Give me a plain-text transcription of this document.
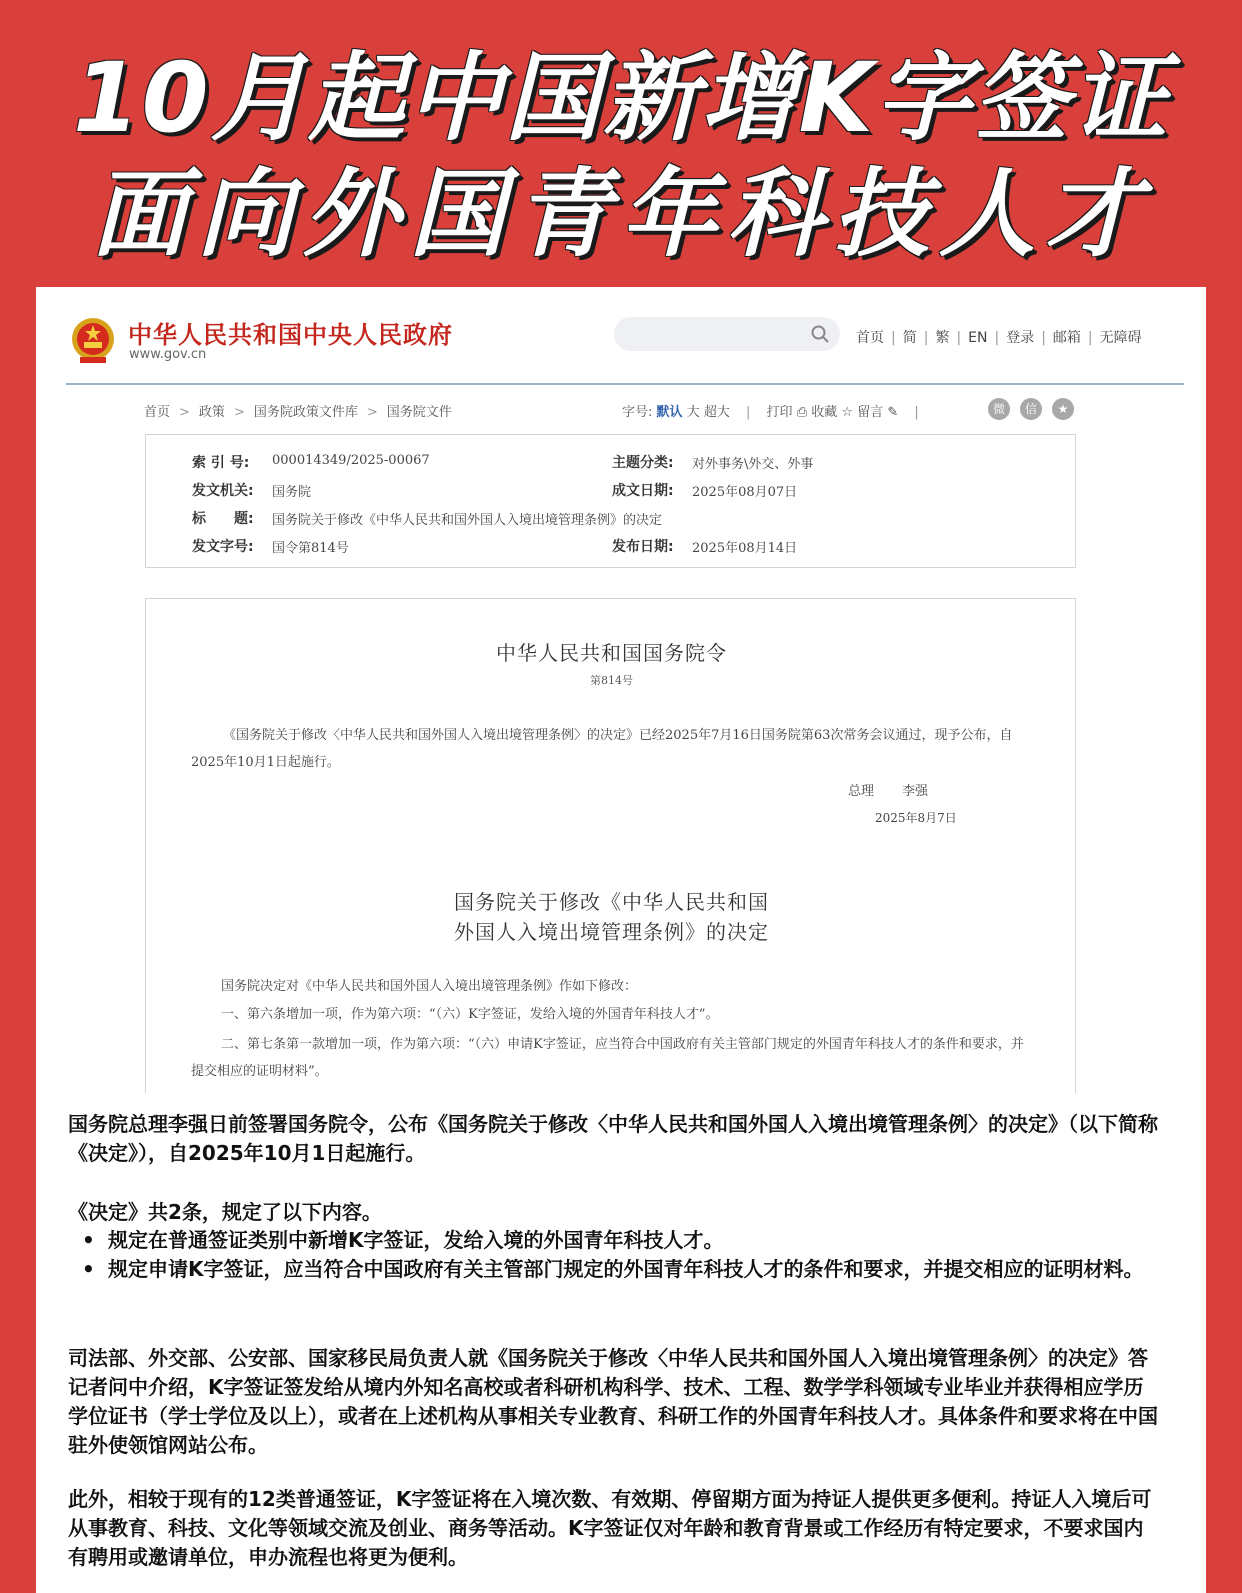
10月起中国新增K字签证
面向外国青年科技人才
中华人民共和国中央人民政府
www.gov.cn
首页 | 简 | 繁 | EN | 登录 | 邮箱 | 无障碍
首页 > 政策 > 国务院政策文件库 > 国务院文件	字号: 默认 大 超大 | 打印 ⎙ 收藏 ☆ 留言 ✎ |	微 信 ★
索 引 号: 000014349/2025-00067	主题分类: 对外事务\外交、外事
发文机关: 国务院	成文日期: 2025年08月07日
标　　题: 国务院关于修改《中华人民共和国外国人入境出境管理条例》的决定
发文字号: 国令第814号	发布日期: 2025年08月14日
中华人民共和国国务院令
第814号
《国务院关于修改〈中华人民共和国外国人入境出境管理条例〉的决定》已经2025年7月16日国务院第63次常务会议通过，现予公布，自2025年10月1日起施行。
总理 李强
2025年8月7日
国务院关于修改《中华人民共和国
外国人入境出境管理条例》的决定
国务院决定对《中华人民共和国外国人入境出境管理条例》作如下修改：
一、第六条增加一项，作为第六项：“（六）K字签证，发给入境的外国青年科技人才”。
二、第七条第一款增加一项，作为第六项：“（六）申请K字签证，应当符合中国政府有关主管部门规定的外国青年科技人才的条件和要求，并提交相应的证明材料”。
国务院总理李强日前签署国务院令，公布《国务院关于修改〈中华人民共和国外国人入境出境管理条例〉的决定》（以下简称《决定》），自2025年10月1日起施行。
《决定》共2条，规定了以下内容。
• 规定在普通签证类别中新增K字签证，发给入境的外国青年科技人才。
• 规定申请K字签证，应当符合中国政府有关主管部门规定的外国青年科技人才的条件和要求，并提交相应的证明材料。
司法部、外交部、公安部、国家移民局负责人就《国务院关于修改〈中华人民共和国外国人入境出境管理条例〉的决定》答记者问中介绍，K字签证签发给从境内外知名高校或者科研机构科学、技术、工程、数学学科领域专业毕业并获得相应学历学位证书（学士学位及以上），或者在上述机构从事相关专业教育、科研工作的外国青年科技人才。具体条件和要求将在中国驻外使领馆网站公布。
此外，相较于现有的12类普通签证，K字签证将在入境次数、有效期、停留期方面为持证人提供更多便利。持证人入境后可从事教育、科技、文化等领域交流及创业、商务等活动。K字签证仅对年龄和教育背景或工作经历有特定要求，不要求国内有聘用或邀请单位，申办流程也将更为便利。
